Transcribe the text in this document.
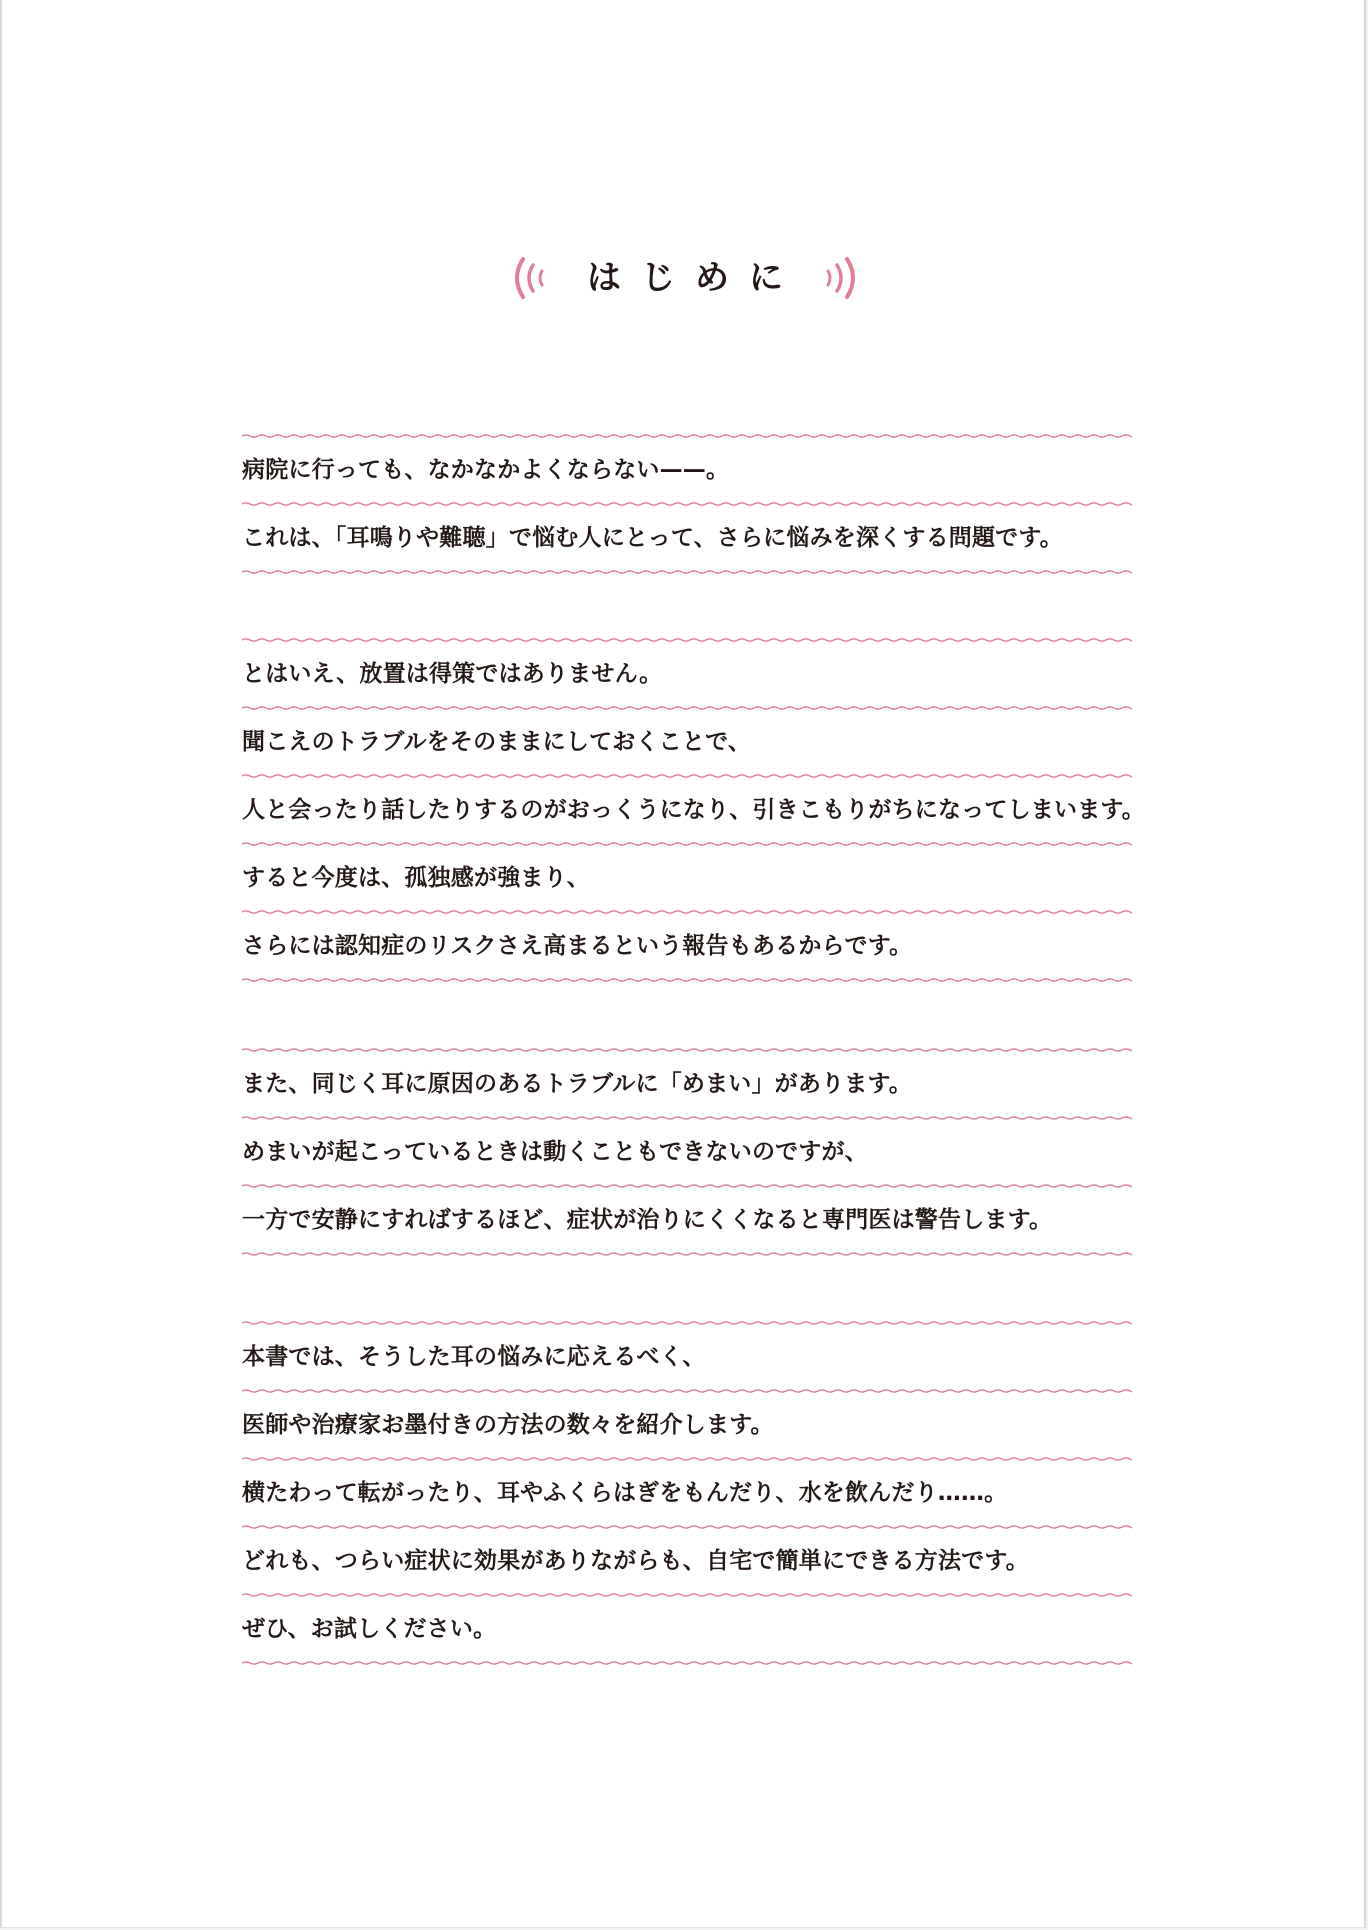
はじめに
病院に行っても、なかなかよくならない——。
これは、「耳鳴りや難聴」で悩む人にとって、さらに悩みを深くする問題です。
とはいえ、放置は得策ではありません。
聞こえのトラブルをそのままにしておくことで、
人と会ったり話したりするのがおっくうになり、引きこもりがちになってしまいます。
すると今度は、孤独感が強まり、
さらには認知症のリスクさえ高まるという報告もあるからです。
また、同じく耳に原因のあるトラブルに「めまい」があります。
めまいが起こっているときは動くこともできないのですが、
一方で安静にすればするほど、症状が治りにくくなると専門医は警告します。
本書では、そうした耳の悩みに応えるべく、
医師や治療家お墨付きの方法の数々を紹介します。
横たわって転がったり、耳やふくらはぎをもんだり、水を飲んだり……。
どれも、つらい症状に効果がありながらも、自宅で簡単にできる方法です。
ぜひ、お試しください。
